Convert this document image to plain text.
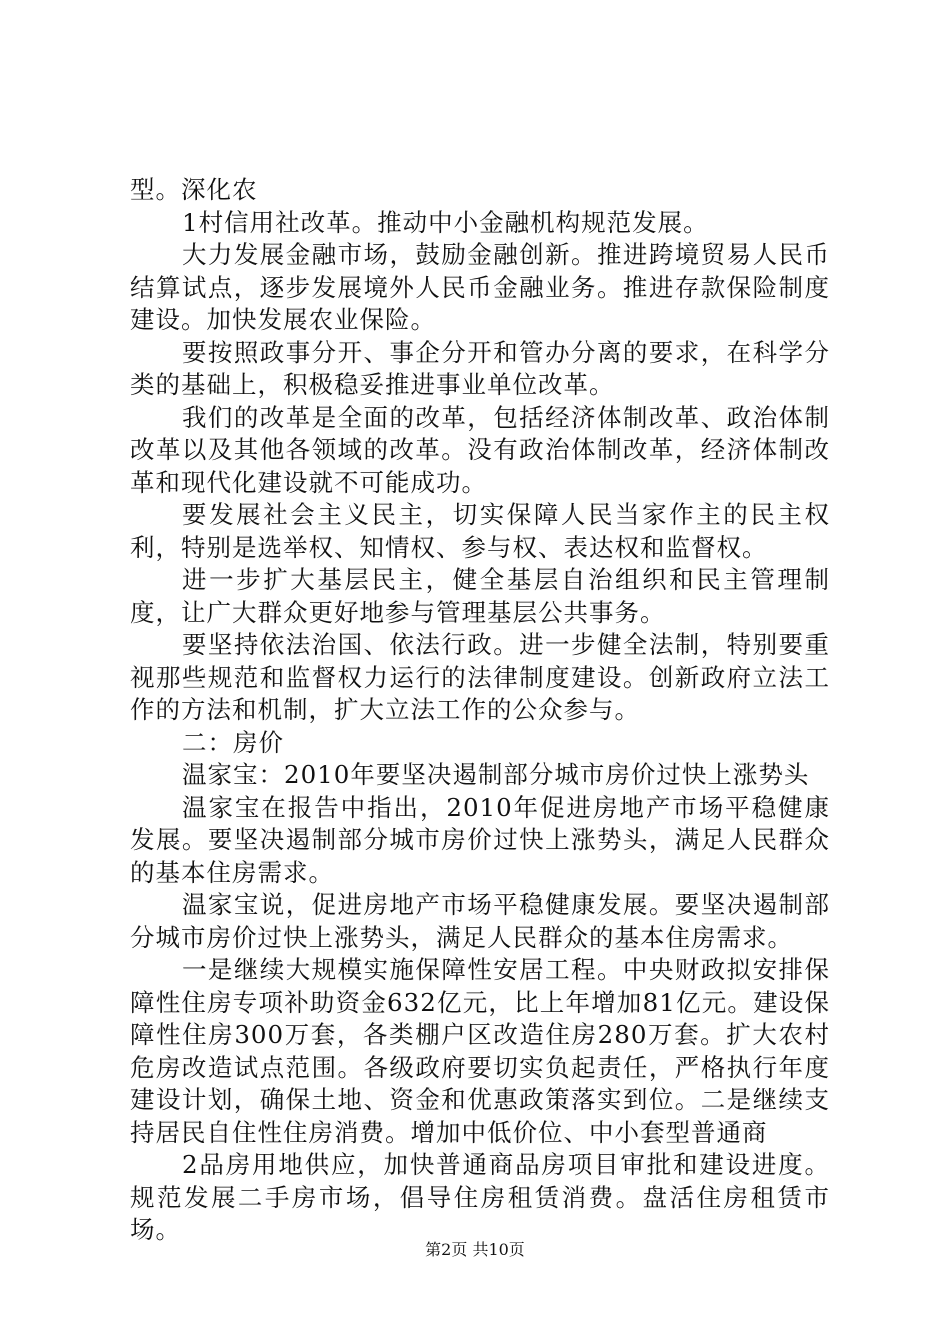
型。深化农

1村信用社改革。推动中小金融机构规范发展。

大力发展金融市场，鼓励金融创新。推进跨境贸易人民币结算试点，逐步发展境外人民币金融业务。推进存款保险制度建设。加快发展农业保险。

要按照政事分开、事企分开和管办分离的要求，在科学分类的基础上，积极稳妥推进事业单位改革。

我们的改革是全面的改革，包括经济体制改革、政治体制改革以及其他各领域的改革。没有政治体制改革，经济体制改革和现代化建设就不可能成功。

要发展社会主义民主，切实保障人民当家作主的民主权利，特别是选举权、知情权、参与权、表达权和监督权。

进一步扩大基层民主，健全基层自治组织和民主管理制度，让广大群众更好地参与管理基层公共事务。

要坚持依法治国、依法行政。进一步健全法制，特别要重视那些规范和监督权力运行的法律制度建设。创新政府立法工作的方法和机制，扩大立法工作的公众参与。

二：房价

温家宝：2010年要坚决遏制部分城市房价过快上涨势头

温家宝在报告中指出，2010年促进房地产市场平稳健康发展。要坚决遏制部分城市房价过快上涨势头，满足人民群众的基本住房需求。

温家宝说，促进房地产市场平稳健康发展。要坚决遏制部分城市房价过快上涨势头，满足人民群众的基本住房需求。

一是继续大规模实施保障性安居工程。中央财政拟安排保障性住房专项补助资金632亿元，比上年增加81亿元。建设保障性住房300万套，各类棚户区改造住房280万套。扩大农村危房改造试点范围。各级政府要切实负起责任，严格执行年度建设计划，确保土地、资金和优惠政策落实到位。二是继续支持居民自住性住房消费。增加中低价位、中小套型普通商

2品房用地供应，加快普通商品房项目审批和建设进度。规范发展二手房市场，倡导住房租赁消费。盘活住房租赁市场。

第2页 共10页
